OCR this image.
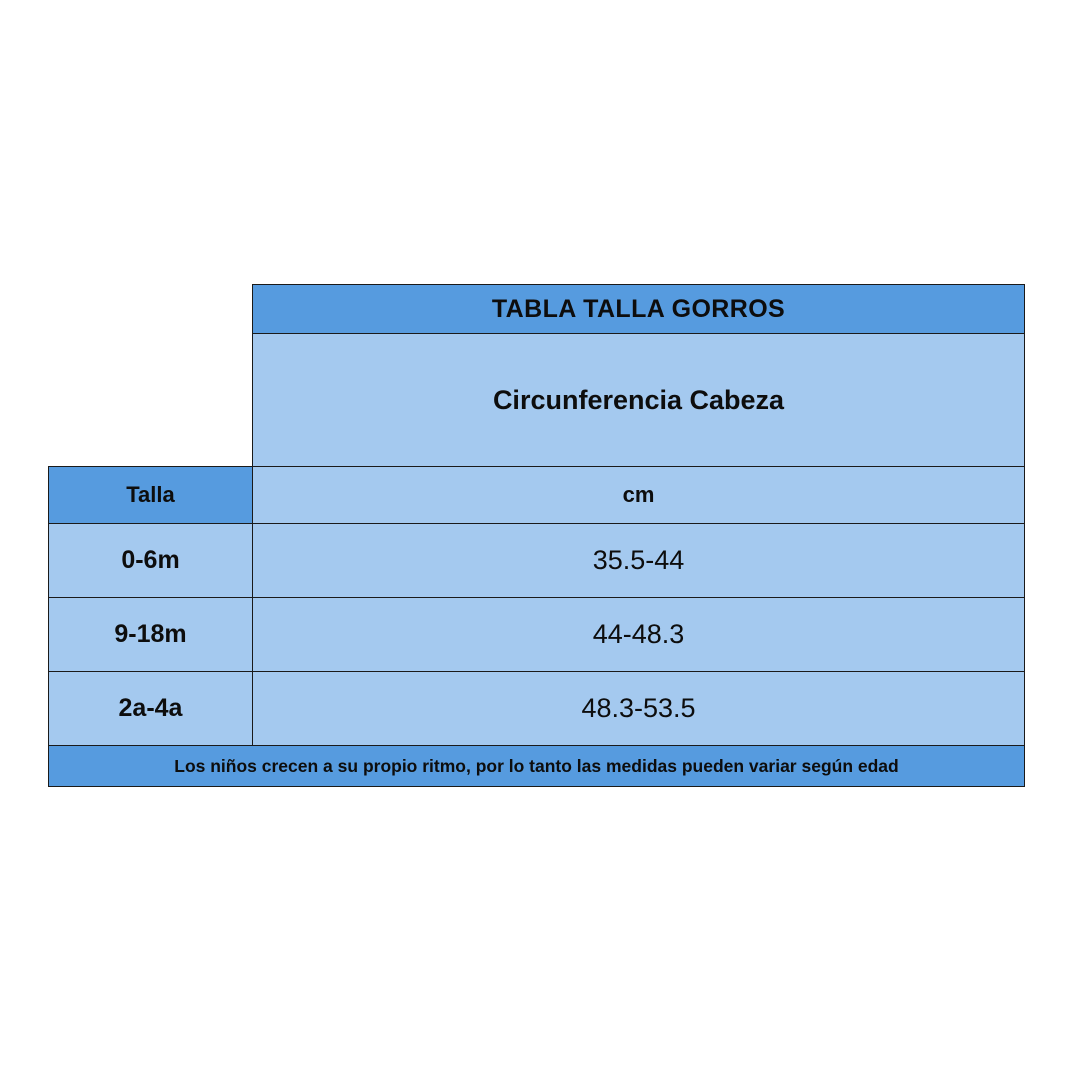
	TABLA TALLA GORROS
	Circunferencia Cabeza
Talla	cm
0-6m	35.5-44
9-18m	44-48.3
2a-4a	48.3-53.5
Los niños crecen a su propio ritmo, por lo tanto las medidas pueden variar según edad	
